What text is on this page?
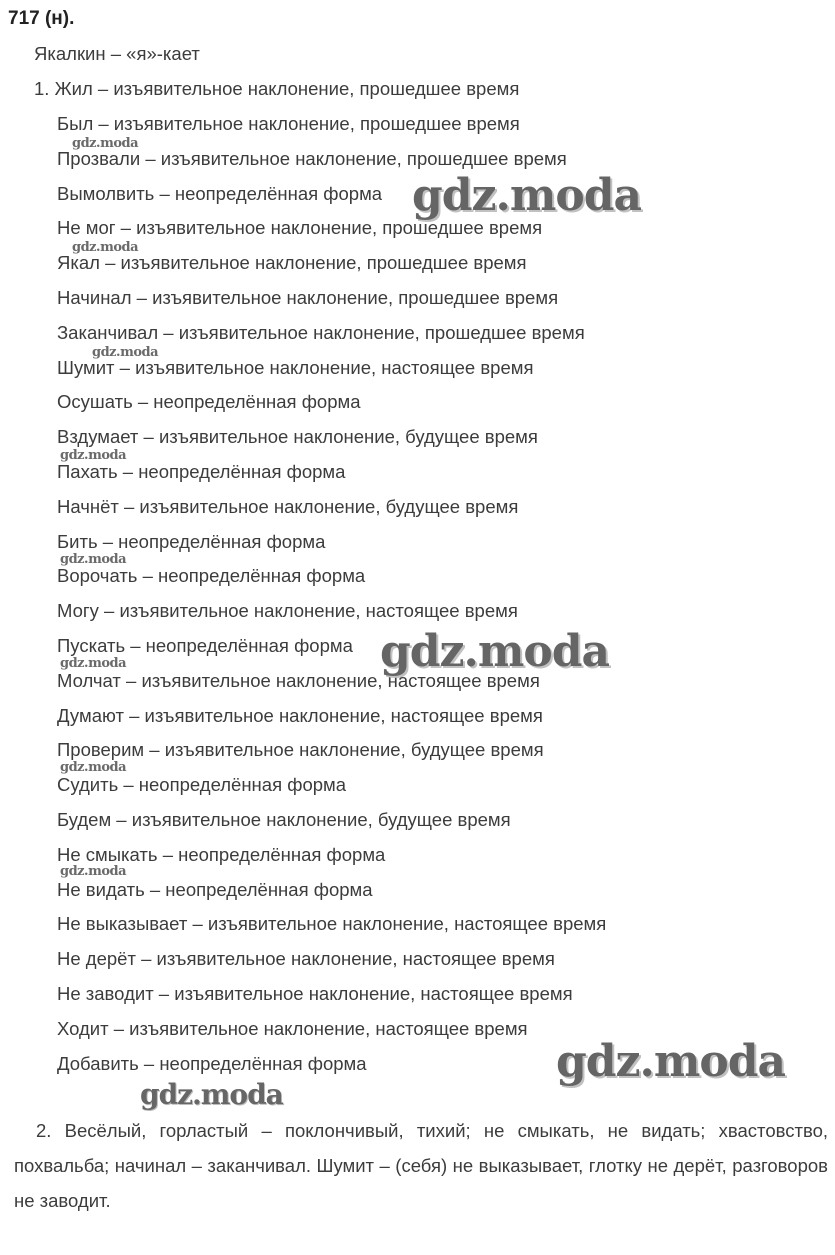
717 (н).
Якалкин – «я»-кает
1. Жил – изъявительное наклонение, прошедшее время
Был – изъявительное наклонение, прошедшее время
Прозвали – изъявительное наклонение, прошедшее время
Вымолвить – неопределённая форма
Не мог – изъявительное наклонение, прошедшее время
Якал – изъявительное наклонение, прошедшее время
Начинал – изъявительное наклонение, прошедшее время
Заканчивал – изъявительное наклонение, прошедшее время
Шумит – изъявительное наклонение, настоящее время
Осушать – неопределённая форма
Вздумает – изъявительное наклонение, будущее время
Пахать – неопределённая форма
Начнёт – изъявительное наклонение, будущее время
Бить – неопределённая форма
Ворочать – неопределённая форма
Могу – изъявительное наклонение, настоящее время
Пускать – неопределённая форма
Молчат – изъявительное наклонение, настоящее время
Думают – изъявительное наклонение, настоящее время
Проверим – изъявительное наклонение, будущее время
Судить – неопределённая форма
Будем – изъявительное наклонение, будущее время
Не смыкать – неопределённая форма
Не видать – неопределённая форма
Не выказывает – изъявительное наклонение, настоящее время
Не дерёт – изъявительное наклонение, настоящее время
Не заводит – изъявительное наклонение, настоящее время
Ходит – изъявительное наклонение, настоящее время
Добавить – неопределённая форма
2. Весёлый, горластый – поклончивый, тихий; не смыкать, не видать; хвастовство, похвальба; начинал – заканчивал. Шумит – (себя) не выказывает, глотку не дерёт, разговоров не заводит.
gdz.moda
gdz.moda
gdz.moda
gdz.moda
gdz.moda
gdz.moda
gdz.moda
gdz.moda
gdz.moda
gdz.moda
gdz.moda
gdz.moda
